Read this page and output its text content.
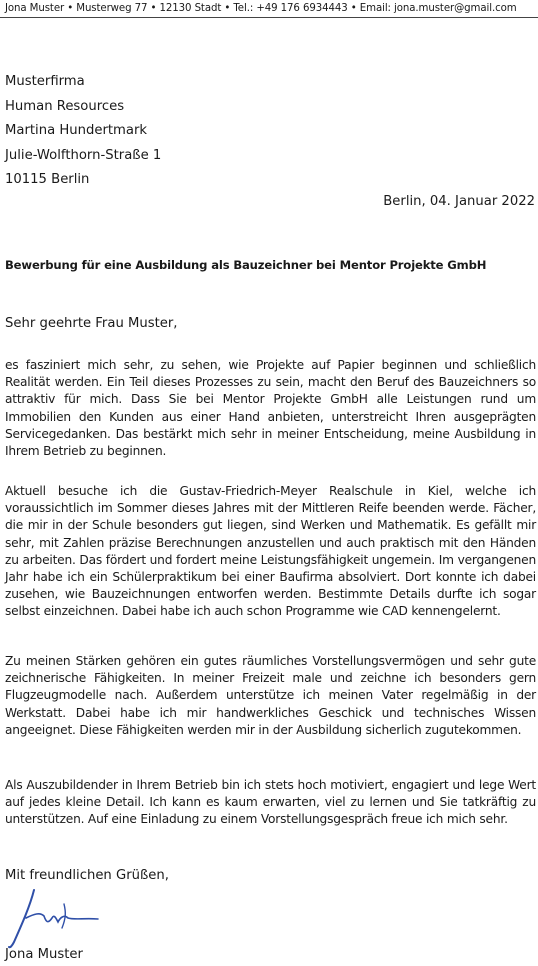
Jona Muster • Musterweg 77 • 12130 Stadt • Tel.: +49 176 6934443 • Email: jona.muster@gmail.com
Musterfirma
Human Resources
Martina Hundertmark
Julie-Wolfthorn-Straße 1
10115 Berlin
Berlin, 04. Januar 2022
Bewerbung für eine Ausbildung als Bauzeichner bei Mentor Projekte GmbH
Sehr geehrte Frau Muster,
es fasziniert mich sehr, zu sehen, wie Projekte auf Papier beginnen und schließlich Realität werden. Ein Teil dieses Prozesses zu sein, macht den Beruf des Bauzeichners so attraktiv für mich. Dass Sie bei Mentor Projekte GmbH alle Leistungen rund um Immobilien den Kunden aus einer Hand anbieten, unterstreicht Ihren ausgeprägten Servicegedanken. Das bestärkt mich sehr in meiner Entscheidung, meine Ausbildung in Ihrem Betrieb zu beginnen.
Aktuell besuche ich die Gustav-Friedrich-Meyer Realschule in Kiel, welche ich voraussichtlich im Sommer dieses Jahres mit der Mittleren Reife beenden werde. Fächer, die mir in der Schule besonders gut liegen, sind Werken und Mathematik. Es gefällt mir sehr, mit Zahlen präzise Berechnungen anzustellen und auch praktisch mit den Händen zu arbeiten. Das fördert und fordert meine Leistungsfähigkeit ungemein. Im vergangenen Jahr habe ich ein Schülerpraktikum bei einer Baufirma absolviert. Dort konnte ich dabei zusehen, wie Bauzeichnungen entworfen werden. Bestimmte Details durfte ich sogar selbst einzeichnen. Dabei habe ich auch schon Programme wie CAD kennengelernt.
Zu meinen Stärken gehören ein gutes räumliches Vorstellungsvermögen und sehr gute zeichnerische Fähigkeiten. In meiner Freizeit male und zeichne ich besonders gern Flugzeugmodelle nach. Außerdem unterstütze ich meinen Vater regelmäßig in der Werkstatt. Dabei habe ich mir handwerkliches Geschick und technisches Wissen angeeignet. Diese Fähigkeiten werden mir in der Ausbildung sicherlich zugutekommen.
Als Auszubildender in Ihrem Betrieb bin ich stets hoch motiviert, engagiert und lege Wert auf jedes kleine Detail. Ich kann es kaum erwarten, viel zu lernen und Sie tatkräftig zu unterstützen. Auf eine Einladung zu einem Vorstellungsgespräch freue ich mich sehr.
Mit freundlichen Grüßen,
Jona Muster
